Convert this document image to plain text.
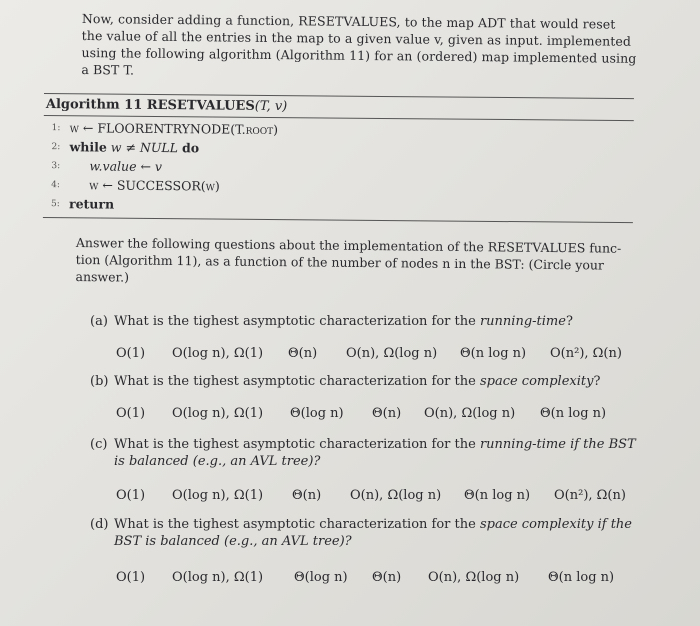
Now, consider adding a function, RESETVALUES, to the map ADT that would reset
the value of all the entries in the map to a given value v, given as input. implemented
using the following algorithm (Algorithm 11) for an (ordered) map implemented using
a BST T.
Algorithm 11 RESETVALUES(T, v)
1: w ← FLOORENTRYNODE(T.root)
2: while w ≠ NULL do
3:	w.value ← v
4:	w ← SUCCESSOR(w)
5: return
Answer the following questions about the implementation of the RESETVALUES func-
tion (Algorithm 11), as a function of the number of nodes n in the BST: (Circle your
answer.)
(a) What is the tighest asymptotic characterization for the running-time?
O(1) O(log n), Ω(1) Θ(n) O(n), Ω(log n) Θ(n log n) O(n²), Ω(n)
(b) What is the tighest asymptotic characterization for the space complexity?
O(1) O(log n), Ω(1) Θ(log n) Θ(n) O(n), Ω(log n) Θ(n log n)
(c) What is the tighest asymptotic characterization for the running-time if the BST
is balanced (e.g., an AVL tree)?
O(1) O(log n), Ω(1) Θ(n) O(n), Ω(log n) Θ(n log n) O(n²), Ω(n)
(d) What is the tighest asymptotic characterization for the space complexity if the
BST is balanced (e.g., an AVL tree)?
O(1) O(log n), Ω(1) Θ(log n) Θ(n) O(n), Ω(log n) Θ(n log n)
